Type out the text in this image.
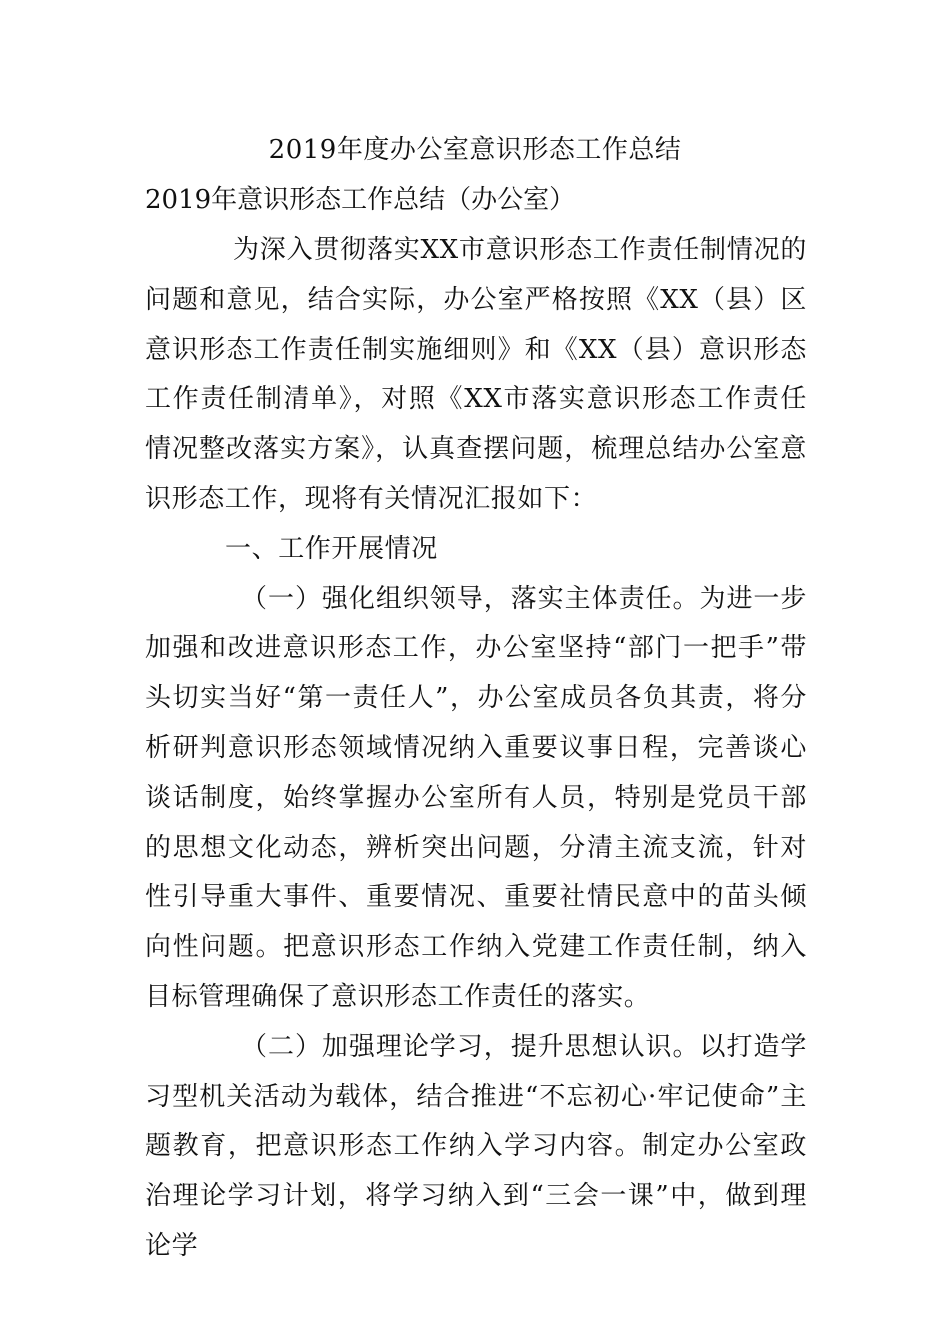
2019年度办公室意识形态工作总结
2019年意识形态工作总结（办公室）

为深入贯彻落实XX市意识形态工作责任制情况的问题和意见，结合实际，办公室严格按照《XX（县）区意识形态工作责任制实施细则》和《XX（县）意识形态工作责任制清单》，对照《XX市落实意识形态工作责任情况整改落实方案》，认真查摆问题，梳理总结办公室意识形态工作，现将有关情况汇报如下：

一、工作开展情况

（一）强化组织领导，落实主体责任。为进一步加强和改进意识形态工作，办公室坚持“部门一把手”带头切实当好“第一责任人”，办公室成员各负其责，将分析研判意识形态领域情况纳入重要议事日程，完善谈心谈话制度，始终掌握办公室所有人员，特别是党员干部的思想文化动态，辨析突出问题，分清主流支流，针对性引导重大事件、重要情况、重要社情民意中的苗头倾向性问题。把意识形态工作纳入党建工作责任制，纳入目标管理确保了意识形态工作责任的落实。

（二）加强理论学习，提升思想认识。以打造学习型机关活动为载体，结合推进“不忘初心·牢记使命”主题教育，把意识形态工作纳入学习内容。制定办公室政治理论学习计划，将学习纳入到“三会一课”中，做到理论学
